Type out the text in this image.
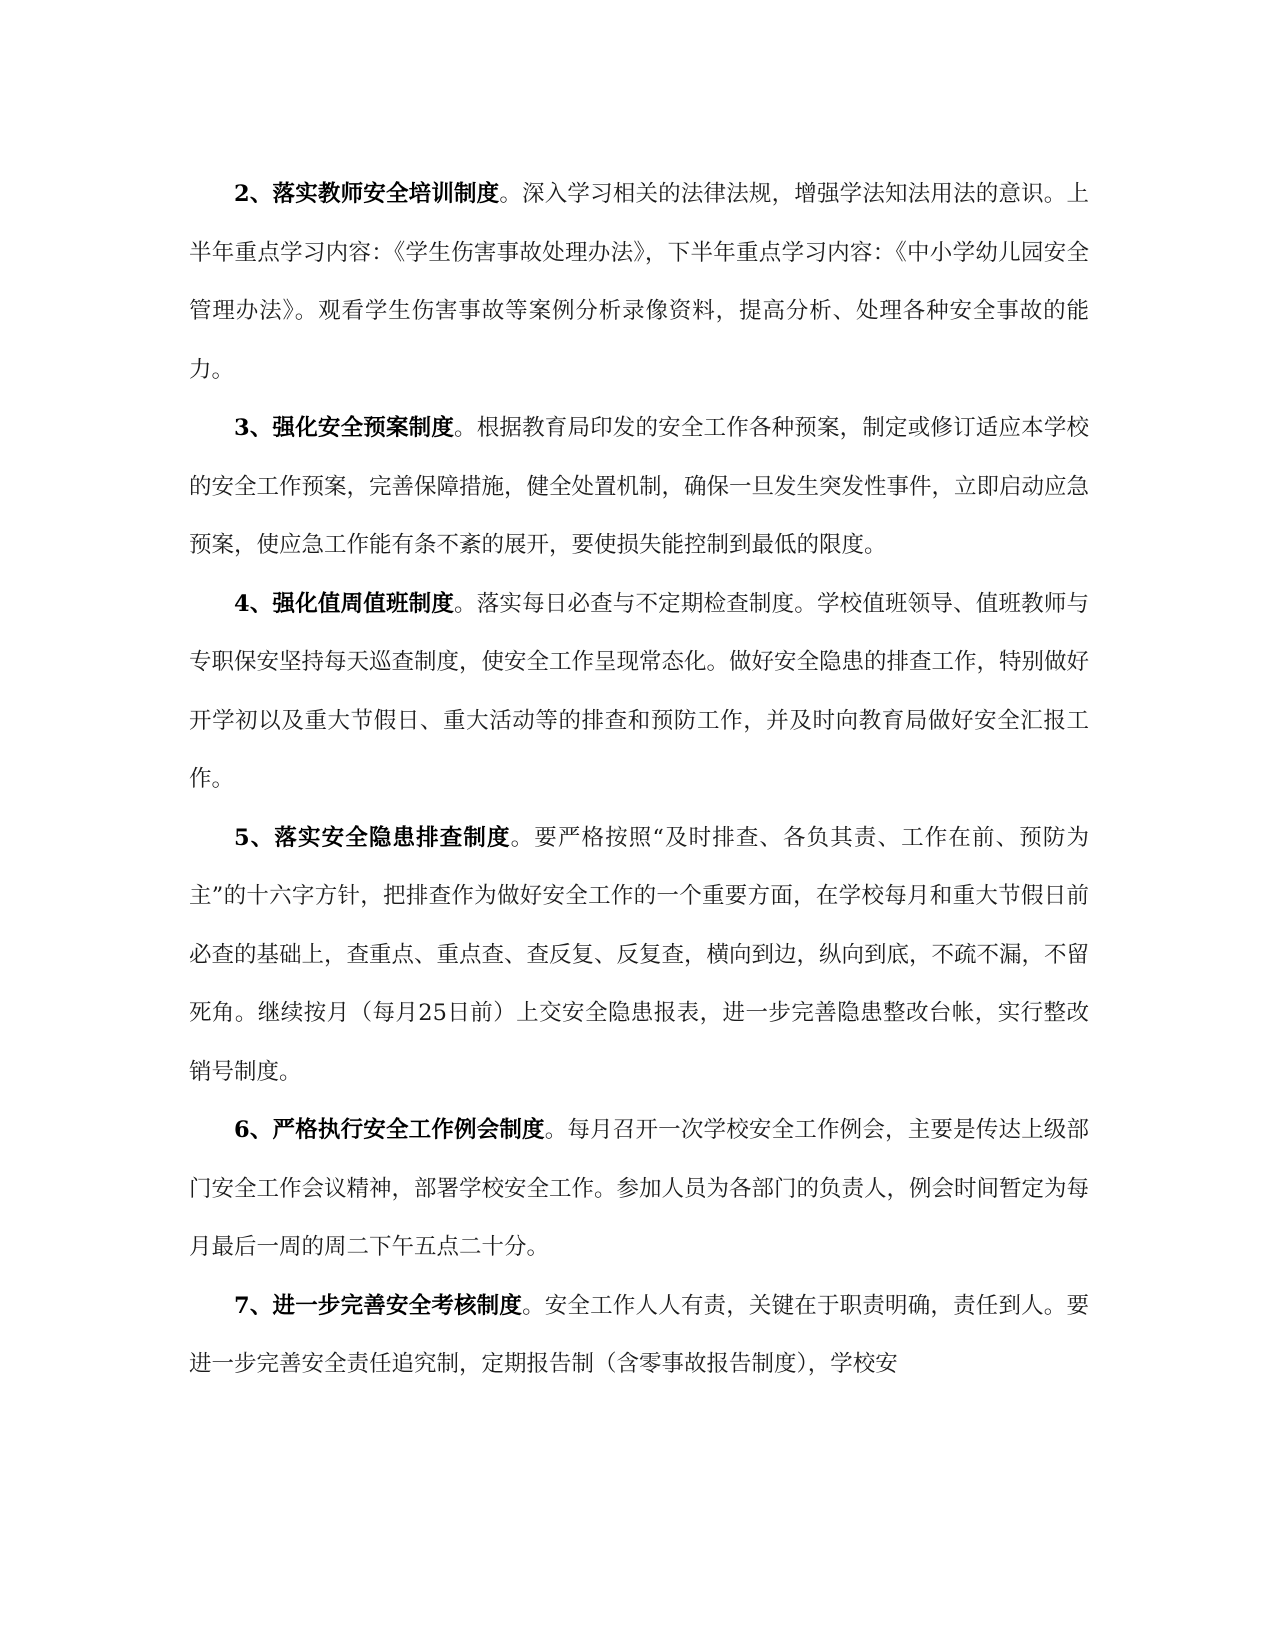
2、落实教师安全培训制度。深入学习相关的法律法规，增强学法知法用法的意识。上半年重点学习内容：《学生伤害事故处理办法》，下半年重点学习内容：《中小学幼儿园安全管理办法》。观看学生伤害事故等案例分析录像资料，提高分析、处理各种安全事故的能力。

3、强化安全预案制度。根据教育局印发的安全工作各种预案，制定或修订适应本学校的安全工作预案，完善保障措施，健全处置机制，确保一旦发生突发性事件，立即启动应急预案，使应急工作能有条不紊的展开，要使损失能控制到最低的限度。

4、强化值周值班制度。落实每日必查与不定期检查制度。学校值班领导、值班教师与专职保安坚持每天巡查制度，使安全工作呈现常态化。做好安全隐患的排查工作，特别做好开学初以及重大节假日、重大活动等的排查和预防工作，并及时向教育局做好安全汇报工作。

5、落实安全隐患排查制度。要严格按照“及时排查、各负其责、工作在前、预防为主”的十六字方针，把排查作为做好安全工作的一个重要方面，在学校每月和重大节假日前必查的基础上，查重点、重点查、查反复、反复查，横向到边，纵向到底，不疏不漏，不留死角。继续按月（每月25日前）上交安全隐患报表，进一步完善隐患整改台帐，实行整改销号制度。

6、严格执行安全工作例会制度。每月召开一次学校安全工作例会，主要是传达上级部门安全工作会议精神，部署学校安全工作。参加人员为各部门的负责人，例会时间暂定为每月最后一周的周二下午五点二十分。

7、进一步完善安全考核制度。安全工作人人有责，关键在于职责明确，责任到人。要进一步完善安全责任追究制，定期报告制（含零事故报告制度），学校安
